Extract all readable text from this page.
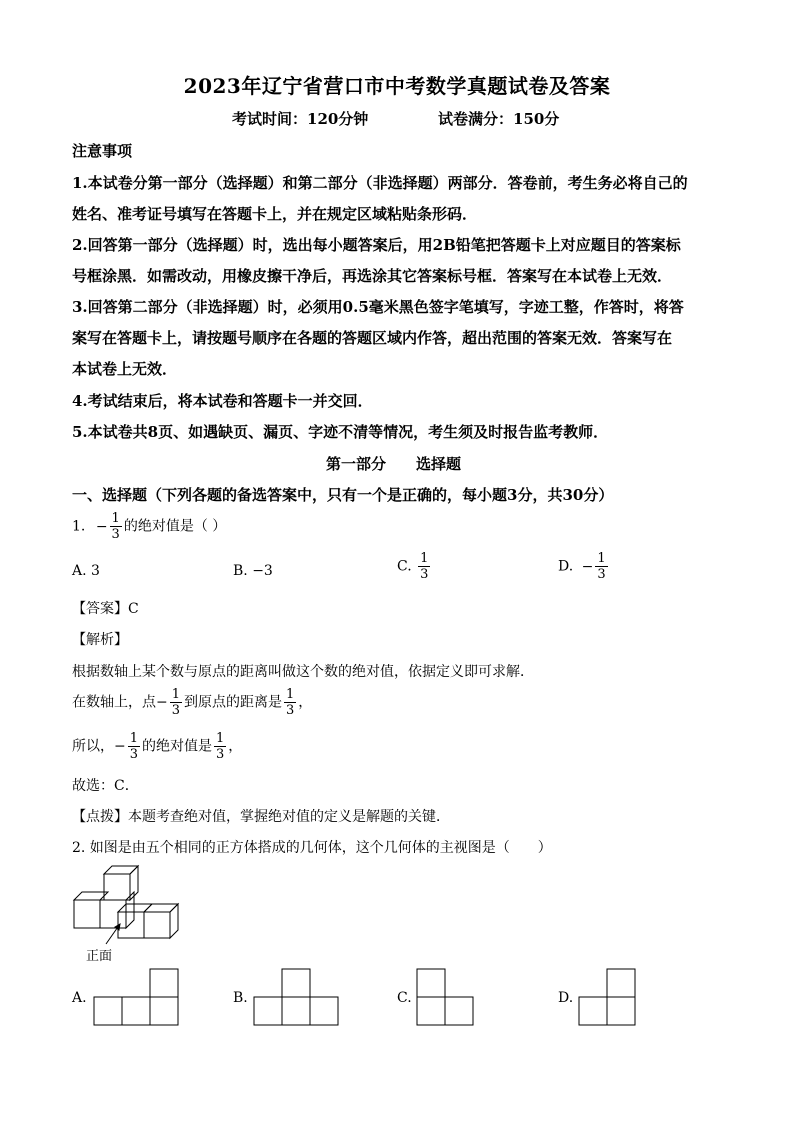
2023年辽宁省营口市中考数学真题试卷及答案
考试时间：120分钟	试卷满分：150分
注意事项
1.本试卷分第一部分（选择题）和第二部分（非选择题）两部分．答卷前，考生务必将自己的
姓名、准考证号填写在答题卡上，并在规定区域粘贴条形码．
2.回答第一部分（选择题）时，选出每小题答案后，用2B铅笔把答题卡上对应题目的答案标
号框涂黑．如需改动，用橡皮擦干净后，再选涂其它答案标号框．答案写在本试卷上无效．
3.回答第二部分（非选择题）时，必须用0.5毫米黑色签字笔填写，字迹工整，作答时，将答
案写在答题卡上，请按题号顺序在各题的答题区域内作答，超出范围的答案无效．答案写在
本试卷上无效．
4.考试结束后，将本试卷和答题卡一并交回．
5.本试卷共8页、如遇缺页、漏页、字迹不清等情况，考生须及时报告监考教师．
第一部分　　选择题
一、选择题（下列各题的备选答案中，只有一个是正确的，每小题3分，共30分）
1. − $\frac{1}{3}$ 的绝对值是（ ）
A. 3	B. −3	C. $\frac{1}{3}$	D. − $\frac{1}{3}$
【答案】C
【解析】
根据数轴上某个数与原点的距离叫做这个数的绝对值，依据定义即可求解．
在数轴上，点− $\frac{1}{3}$ 到原点的距离是 $\frac{1}{3}$ ，
所以，− $\frac{1}{3}$ 的绝对值是 $\frac{1}{3}$ ，
故选：C．
【点拨】本题考查绝对值，掌握绝对值的定义是解题的关键．
2. 如图是由五个相同的正方体搭成的几何体，这个几何体的主视图是（　　）
正面
A.	B.	C.	D.
